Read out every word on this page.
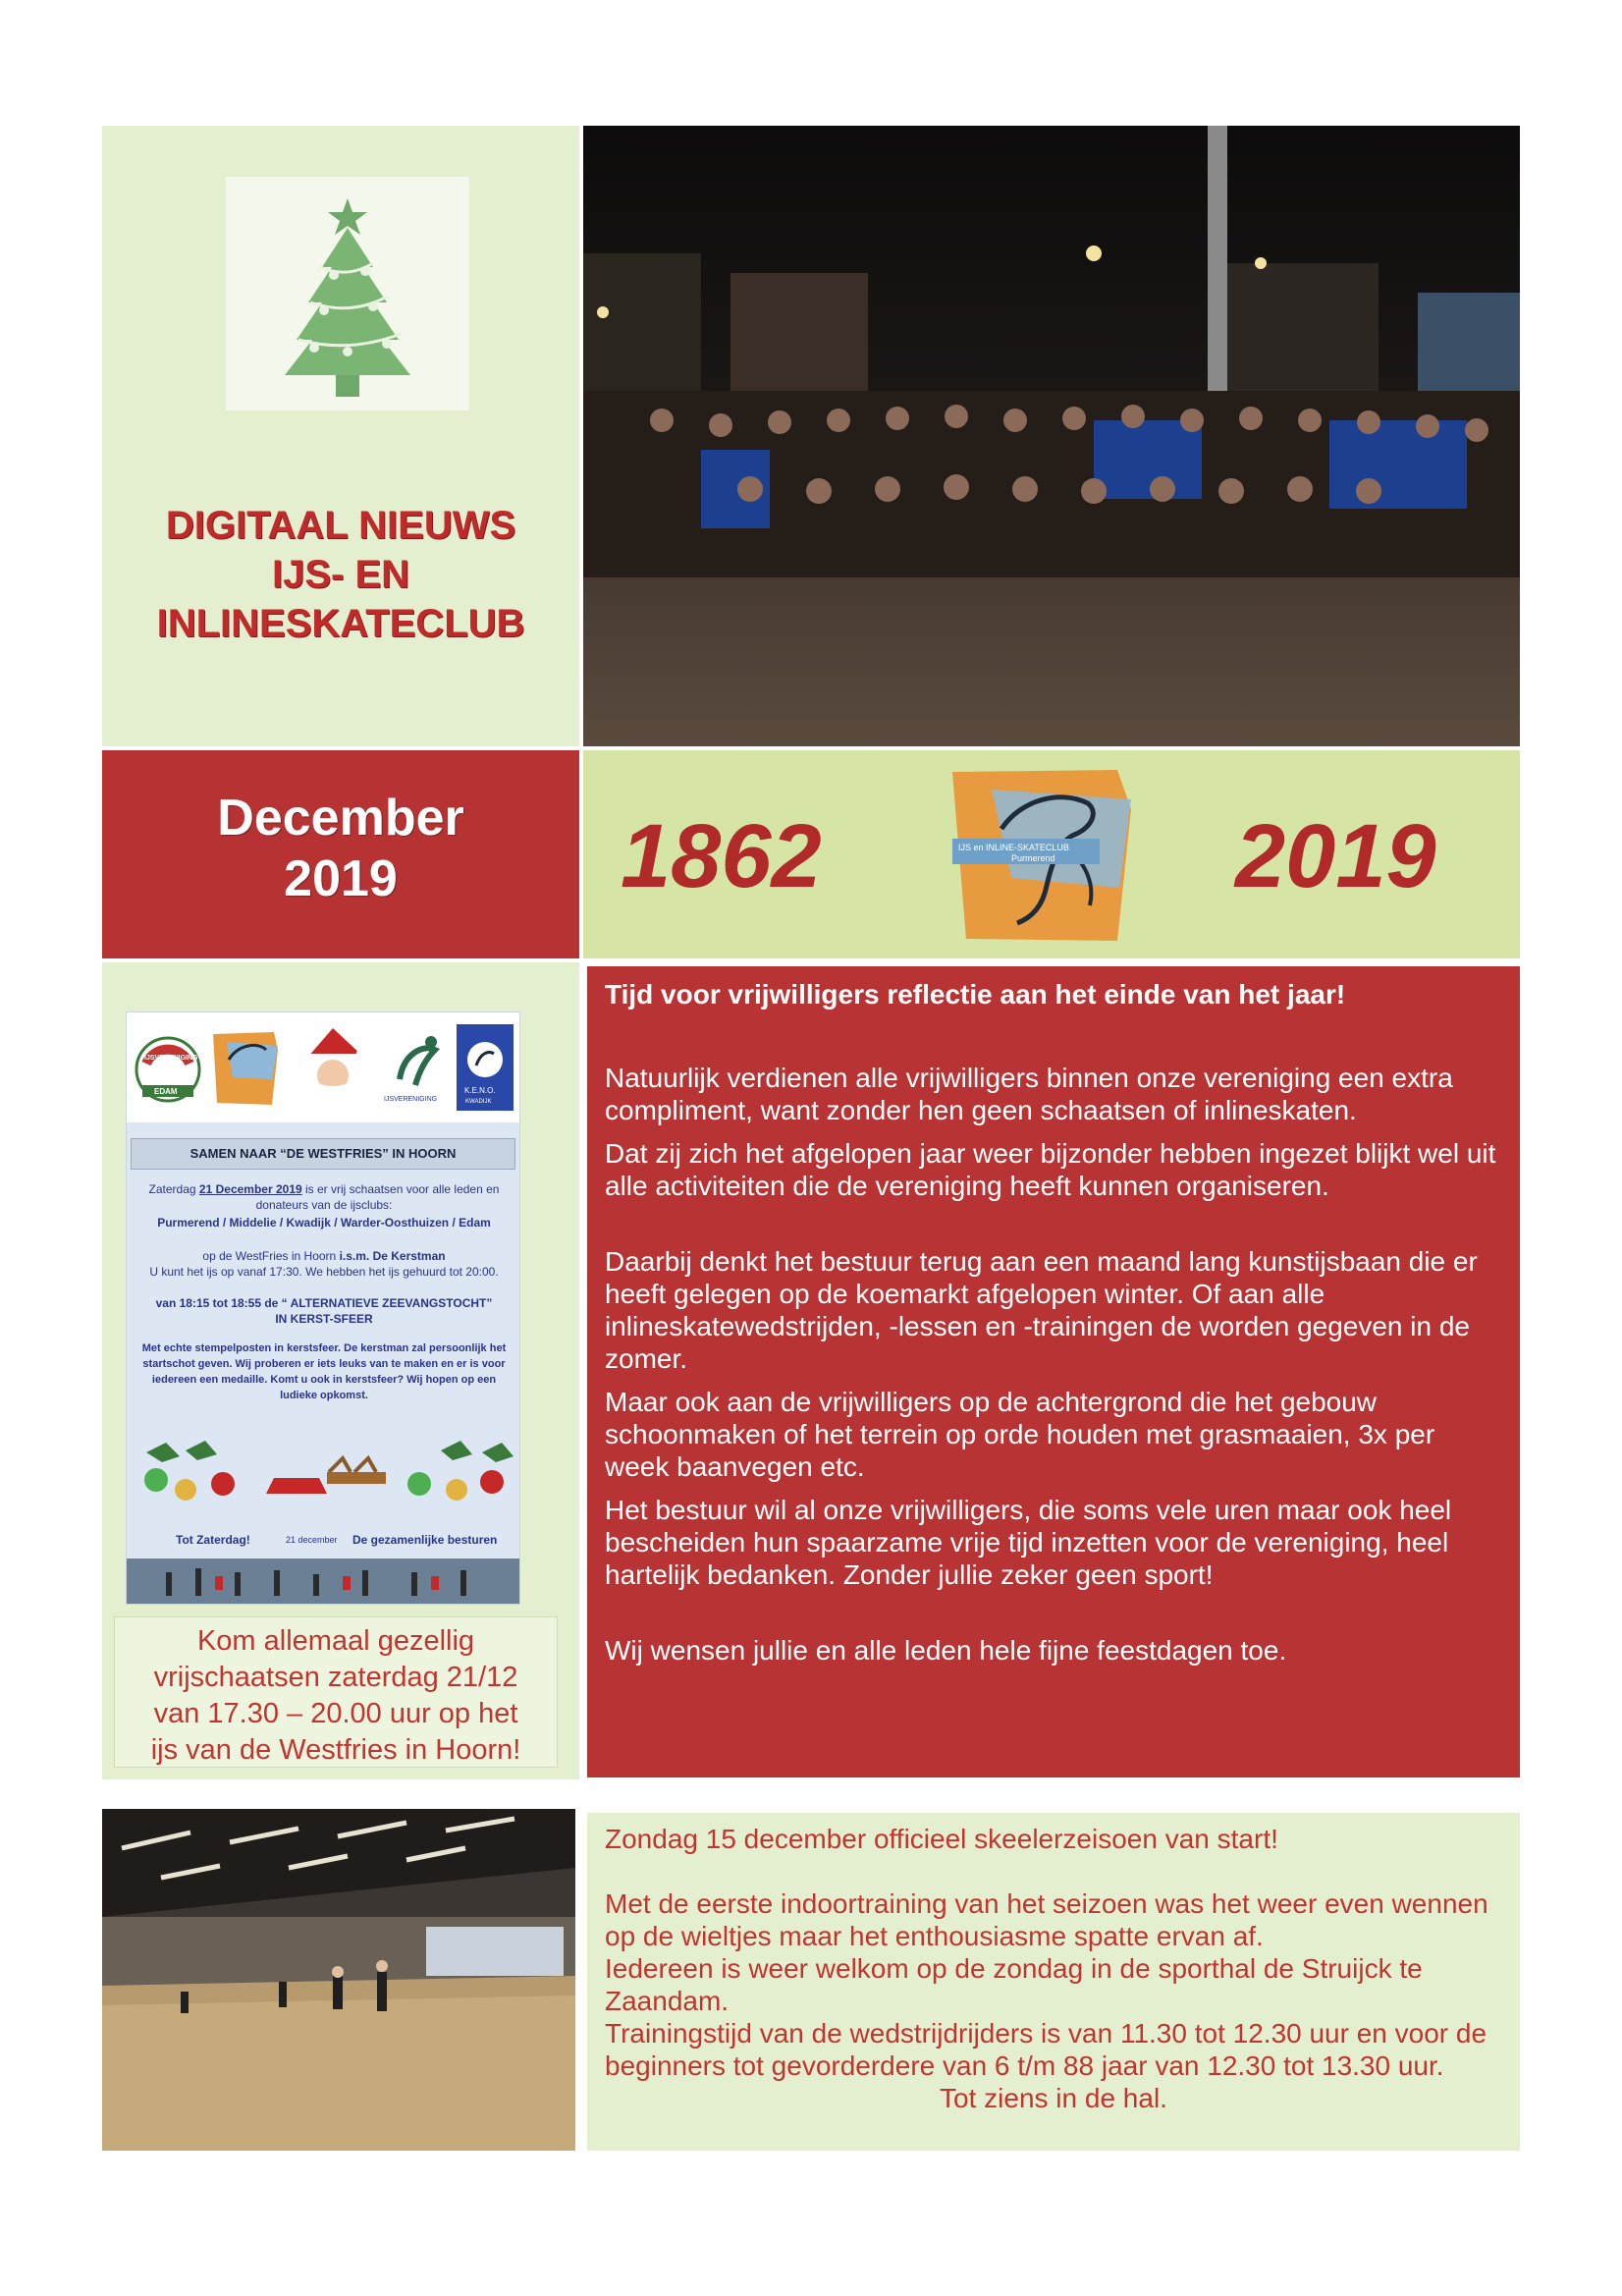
DIGITAAL NIEUWS
IJS- EN
INLINESKATECLUB
December
2019	1862	IJS en INLINE-SKATECLUB
Purmerend 2019
IJSVERENIGING
EDAM
IJSVERENIGING
K.E.N.O.
KWADIJK
SAMEN NAAR “DE WESTFRIES” IN HOORN
Zaterdag 21 December 2019 is er vrij schaatsen voor alle leden en donateurs van de ijsclubs:
Purmerend / Middelie / Kwadijk / Warder-Oosthuizen / Edam
op de WestFries in Hoorn i.s.m. De Kerstman
U kunt het ijs op vanaf 17:30. We hebben het ijs gehuurd tot 20:00.
van 18:15 tot 18:55 de “ ALTERNATIEVE ZEEVANGSTOCHT”
IN KERST-SFEER
Met echte stempelposten in kerstsfeer. De kerstman zal persoonlijk het startschot geven. Wij proberen er iets leuks van te maken en er is voor iedereen een medaille. Komt u ook in kerstsfeer? Wij hopen op een ludieke opkomst.
Tot Zaterdag!	21 december De gezamenlijke besturen
Kom allemaal gezellig
vrijschaatsen zaterdag 21/12
van 17.30 – 20.00 uur op het
ijs van de Westfries in Hoorn!

Tijd voor vrijwilligers reflectie aan het einde van het jaar!

Natuurlijk verdienen alle vrijwilligers binnen onze vereniging een extra compliment, want zonder hen geen schaatsen of inlineskaten.

Dat zij zich het afgelopen jaar weer bijzonder hebben ingezet blijkt wel uit alle activiteiten die de vereniging heeft kunnen organiseren.

Daarbij denkt het bestuur terug aan een maand lang kunstijsbaan die er heeft gelegen op de koemarkt afgelopen winter. Of aan alle inlineskatewedstrijden, -lessen en -trainingen de worden gegeven in de zomer.

Maar ook aan de vrijwilligers op de achtergrond die het gebouw schoonmaken of het terrein op orde houden met grasmaaien, 3x per week baanvegen etc.

Het bestuur wil al onze vrijwilligers, die soms vele uren maar ook heel bescheiden hun spaarzame vrije tijd inzetten voor de vereniging, heel hartelijk bedanken. Zonder jullie zeker geen sport!

Wij wensen jullie en alle leden hele fijne feestdagen toe.

Zondag 15 december officieel skeelerzeisoen van start!

Met de eerste indoortraining van het seizoen was het weer even wennen op de wieltjes maar het enthousiasme spatte ervan af.

Iedereen is weer welkom op de zondag in de sporthal de Struijck te Zaandam.

Trainingstijd van de wedstrijdrijders is van 11.30 tot 12.30 uur en voor de beginners tot gevorderdere van 6 t/m 88 jaar van 12.30 tot 13.30 uur.

Tot ziens in de hal.
